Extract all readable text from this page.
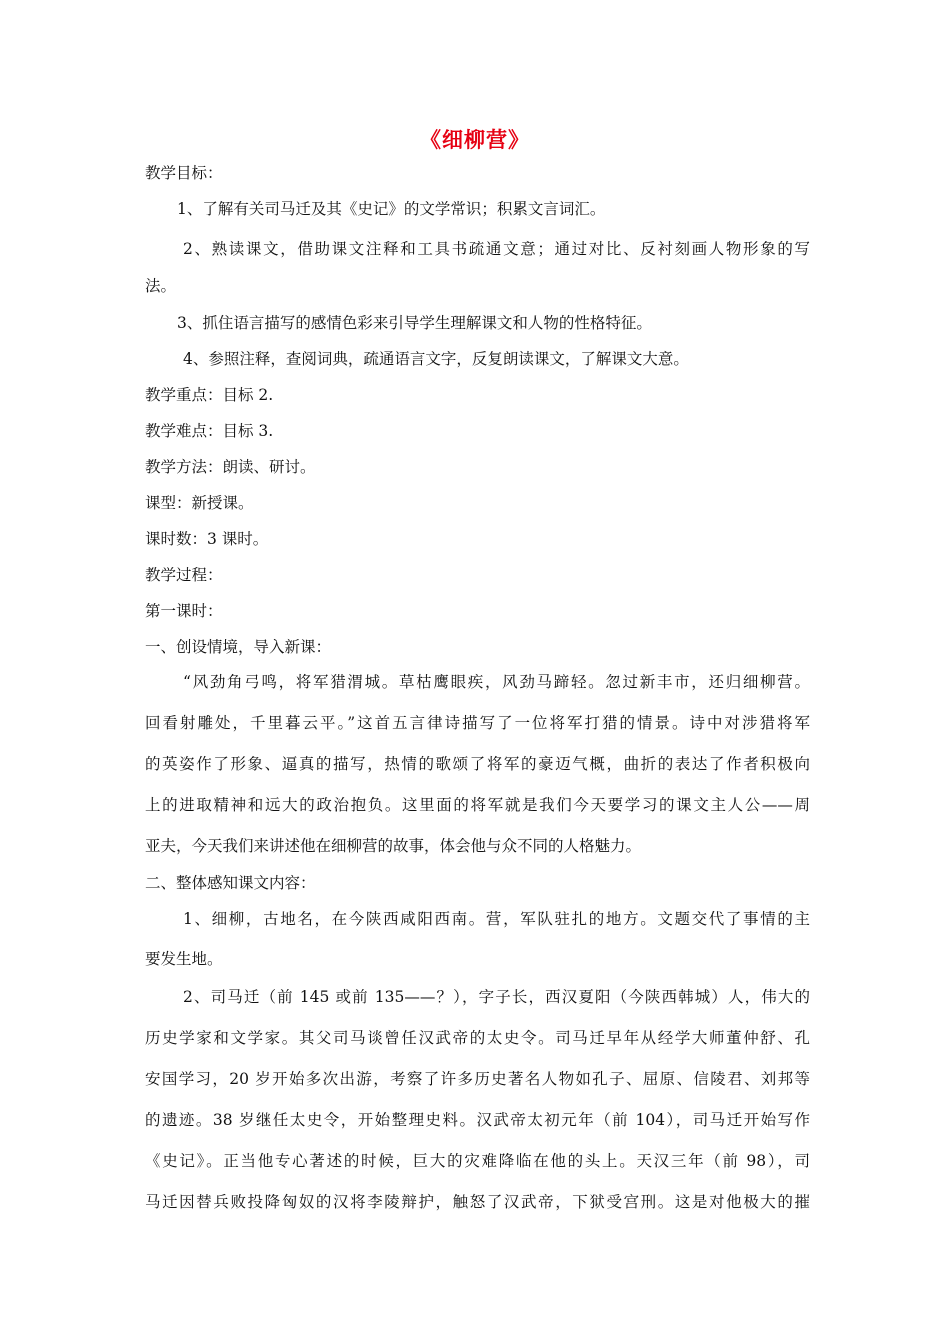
《细柳营》
教学目标：
1、了解有关司马迁及其《史记》的文学常识；积累文言词汇。
2、熟读课文，借助课文注释和工具书疏通文意；通过对比、反衬刻画人物形象的写
法。
3、抓住语言描写的感情色彩来引导学生理解课文和人物的性格特征。
4、参照注释，查阅词典，疏通语言文字，反复朗读课文，了解课文大意。
教学重点：目标 2.
教学难点：目标 3.
教学方法：朗读、研讨。
课型：新授课。
课时数：3 课时。
教学过程：
第一课时：
一、创设情境，导入新课：
“风劲角弓鸣，将军猎渭城。草枯鹰眼疾，风劲马蹄轻。忽过新丰市，还归细柳营。
回看射雕处，千里暮云平。”这首五言律诗描写了一位将军打猎的情景。诗中对涉猎将军
的英姿作了形象、逼真的描写，热情的歌颂了将军的豪迈气概，曲折的表达了作者积极向
上的进取精神和远大的政治抱负。这里面的将军就是我们今天要学习的课文主人公——周
亚夫，今天我们来讲述他在细柳营的故事，体会他与众不同的人格魅力。
二、整体感知课文内容：
1、细柳，古地名，在今陕西咸阳西南。营，军队驻扎的地方。文题交代了事情的主
要发生地。
2、司马迁（前 145 或前 135——？），字子长，西汉夏阳（今陕西韩城）人，伟大的
历史学家和文学家。其父司马谈曾任汉武帝的太史令。司马迁早年从经学大师董仲舒、孔
安国学习，20 岁开始多次出游，考察了许多历史著名人物如孔子、屈原、信陵君、刘邦等
的遗迹。38 岁继任太史令，开始整理史料。汉武帝太初元年（前 104），司马迁开始写作
《史记》。正当他专心著述的时候，巨大的灾难降临在他的头上。天汉三年（前 98），司
马迁因替兵败投降匈奴的汉将李陵辩护，触怒了汉武帝，下狱受宫刑。这是对他极大的摧
